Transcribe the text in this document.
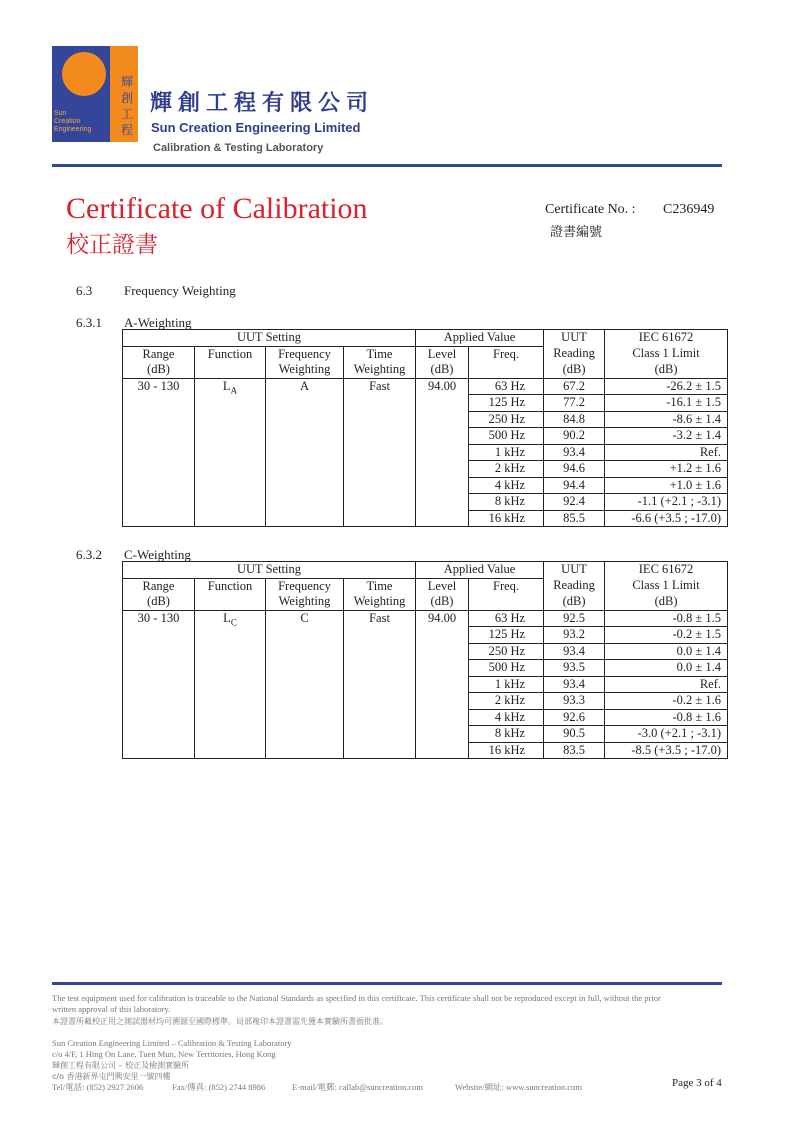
Sun
Creation
Engineering
輝
創
工
程
輝創工程有限公司
Sun Creation Engineering Limited
Calibration & Testing Laboratory
Certificate of Calibration
校正證書
Certificate No. : C236949
證書編號
6.3 Frequency Weighting
6.3.1 A-Weighting
UUT Setting				Applied Value		UUT	IEC 61672
Range	Function	Frequency	Time	Level	Freq.	Reading	Class 1 Limit
(dB)		Weighting	Weighting	(dB)		(dB)	(dB)
30 - 130	$L_A$	A	Fast	94.00	63 Hz	67.2	-26.2 ± 1.5
					125 Hz	77.2	-16.1 ± 1.5
					250 Hz	84.8	-8.6 ± 1.4
					500 Hz	90.2	-3.2 ± 1.4
					1 kHz	93.4	Ref.
					2 kHz	94.6	+1.2 ± 1.6
					4 kHz	94.4	+1.0 ± 1.6
					8 kHz	92.4	-1.1 (+2.1 ; -3.1)
					16 kHz	85.5	-6.6 (+3.5 ; -17.0)
6.3.2 C-Weighting
UUT Setting				Applied Value		UUT	IEC 61672
Range	Function	Frequency	Time	Level	Freq.	Reading	Class 1 Limit
(dB)		Weighting	Weighting	(dB)		(dB)	(dB)
30 - 130	$L_C$	C	Fast	94.00	63 Hz	92.5	-0.8 ± 1.5
					125 Hz	93.2	-0.2 ± 1.5
					250 Hz	93.4	0.0 ± 1.4
					500 Hz	93.5	0.0 ± 1.4
					1 kHz	93.4	Ref.
					2 kHz	93.3	-0.2 ± 1.6
					4 kHz	92.6	-0.8 ± 1.6
					8 kHz	90.5	-3.0 (+2.1 ; -3.1)
					16 kHz	83.5	-8.5 (+3.5 ; -17.0)
The test equipment used for calibration is traceable to the National Standards as specified in this certificate. This certificate shall not be reproduced except in full, without the prior
written approval of this laboratory.
本證書所載校正用之測試器材均可溯源至國際標準。局部複印本證書需先獲本實驗所書面批准。
Sun Creation Engineering Limited – Calibration & Testing Laboratory
c/o 4/F, 1 Hing On Lane, Tuen Mun, New Territories, Hong Kong
輝創工程有限公司 – 校正及檢測實驗所
c/o 香港新界屯門興安里一號四樓
Tel/電話: (852) 2927 2606	Fax/傳真: (852) 2744 8986	E-mail/電郵: callab@suncreation.com	Website/網址: www.suncreation.com	Page 3 of 4
